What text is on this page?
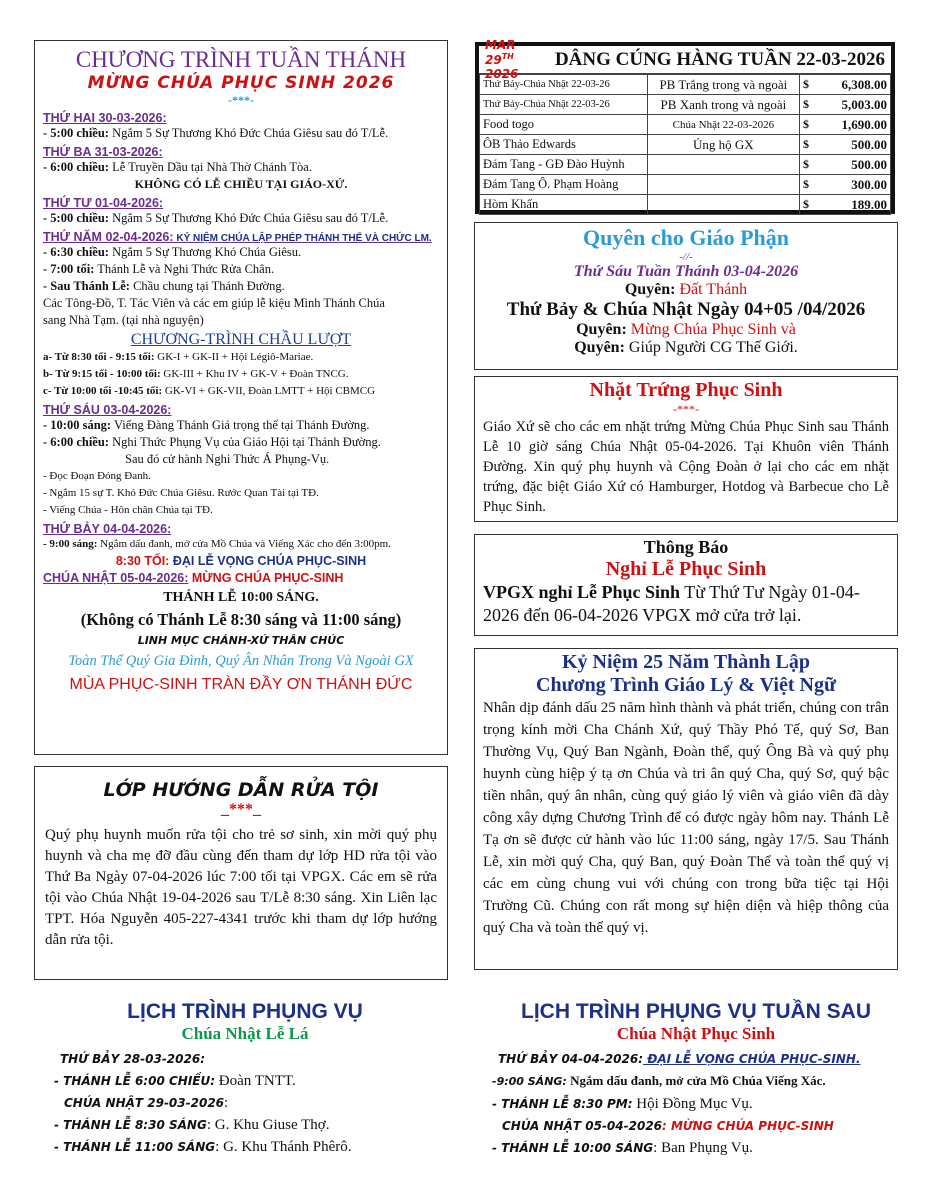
CHƯƠNG TRÌNH TUẦN THÁNH
MỪNG CHÚA PHỤC SINH 2026
-***-
THỨ HAI 30-03-2026:
- 5:00 chiều: Ngắm 5 Sự Thương Khó Đức Chúa Giêsu sau đó T/Lễ.
THỨ BA 31-03-2026:
- 6:00 chiều: Lễ Truyền Dầu tại Nhà Thờ Chánh Tòa.
KHÔNG CÓ LỄ CHIỀU TẠI GIÁO-XỨ.
THỨ TƯ 01-04-2026:
- 5:00 chiều: Ngắm 5 Sự Thương Khó Đức Chúa Giêsu sau đó T/Lễ.
THỨ NĂM 02-04-2026: KỶ NIỆM CHÚA LẬP PHÉP THÁNH THỂ VÀ CHỨC LM.
- 6:30 chiều: Ngắm 5 Sự Thương Khó Chúa Giêsu.
- 7:00 tối: Thánh Lễ và Nghi Thức Rửa Chân.
- Sau Thánh Lễ: Chầu chung tại Thánh Đường.
Các Tông-Đồ, T. Tác Viên và các em giúp lễ kiệu Mình Thánh Chúa
sang Nhà Tạm. (tại nhà nguyện)
CHƯƠNG-TRÌNH CHẦU LƯỢT
a- Từ 8:30 tối - 9:15 tối: GK-I + GK-II + Hội Légiô-Mariae.
b- Từ 9:15 tối - 10:00 tối: GK-III + Khu IV + GK-V + Đoàn TNCG.
c- Từ 10:00 tối -10:45 tối: GK-VI + GK-VII, Đoàn LMTT + Hội CBMCG
THỨ SÁU 03-04-2026:
- 10:00 sáng: Viếng Đàng Thánh Giá trọng thể tại Thánh Đường.
- 6:00 chiều: Nghi Thức Phụng Vụ của Giáo Hội tại Thánh Đường.
Sau đó cử hành Nghi Thức Á Phụng-Vụ.
- Đọc Đoạn Đóng Đanh.
- Ngắm 15 sự T. Khó Đức Chúa Giêsu. Rước Quan Tài tại TĐ.
- Viếng Chúa - Hôn chân Chúa tại TĐ.
THỨ BẢY 04-04-2026:
- 9:00 sáng: Ngắm dấu đanh, mở cửa Mồ Chúa và Viếng Xác cho đến 3:00pm.
8:30 TỐI: ĐẠI LỄ VỌNG CHÚA PHỤC-SINH
CHÚA NHẬT 05-04-2026: MỪNG CHÚA PHỤC-SINH
THÁNH LỄ 10:00 SÁNG.
(Không có Thánh Lễ 8:30 sáng và 11:00 sáng)
LINH MỤC CHÁNH-XỨ THÂN CHÚC
Toàn Thể Quý Gia Đình, Quý Ân Nhân Trong Và Ngoài GX
MÙA PHỤC-SINH TRÀN ĐẦY ƠN THÁNH ĐỨC
MAR 29TH 2026
DÂNG CÚNG HÀNG TUẦN 22-03-2026
Thứ Bảy-Chúa Nhật 22-03-26	PB Trắng trong và ngoài	$	6,308.00
Thứ Bảy-Chúa Nhật 22-03-26	PB Xanh trong và ngoài	$	5,003.00
Food togo	Chúa Nhật 22-03-2026	$	1,690.00
ÔB Thảo Edwards	Ủng hộ GX	$	500.00
Đám Tang - GĐ Đào Huỳnh		$	500.00
Đám Tang Ô. Phạm Hoàng		$	300.00
Hòm Khấn		$	189.00
Quyên cho Giáo Phận
-//-
Thứ Sáu Tuần Thánh 03-04-2026
Quyên: Đất Thánh
Thứ Bảy & Chúa Nhật Ngày 04+05 /04/2026
Quyên: Mừng Chúa Phục Sinh và
Quyên: Giúp Người CG Thế Giới.
Nhặt Trứng Phục Sinh
-***-
Giáo Xứ sẽ cho các em nhặt trứng Mừng Chúa Phục Sinh sau Thánh Lễ 10 giờ sáng Chúa Nhật 05-04-2026. Tại Khuôn viên Thánh Đường. Xin quý phụ huynh và Cộng Đoàn ở lại cho các em nhặt trứng, đặc biệt Giáo Xứ có Hamburger, Hotdog và Barbecue cho Lễ Phục Sinh.
Thông Báo
Nghỉ Lễ Phục Sinh
VPGX nghỉ Lễ Phục Sinh Từ Thứ Tư Ngày 01-04-2026 đến 06-04-2026 VPGX mở cửa trở lại.
Kỷ Niệm 25 Năm Thành Lập
Chương Trình Giáo Lý & Việt Ngữ
Nhân dịp đánh dấu 25 năm hình thành và phát triển, chúng con trân trọng kính mời Cha Chánh Xứ, quý Thầy Phó Tế, quý Sơ, Ban Thường Vụ, Quý Ban Ngành, Đoàn thể, quý Ông Bà và quý phụ huynh cùng hiệp ý tạ ơn Chúa và tri ân quý Cha, quý Sơ, quý bậc tiền nhân, quý ân nhân, cùng quý giáo lý viên và giáo viên đã dày công xây dựng Chương Trình để có được ngày hôm nay. Thánh Lễ Tạ ơn sẽ được cử hành vào lúc 11:00 sáng, ngày 17/5. Sau Thánh Lễ, xin mời quý Cha, quý Ban, quý Đoàn Thể và toàn thể quý vị các em cùng chung vui với chúng con trong bữa tiệc tại Hội Trường Cũ. Chúng con rất mong sự hiện diện và hiệp thông của quý Cha và toàn thể quý vị.
LỚP HƯỚNG DẪN RỬA TỘI
_***_
Quý phụ huynh muốn rửa tội cho trẻ sơ sinh, xin mời quý phụ huynh và cha mẹ đỡ đầu cùng đến tham dự lớp HD rửa tội vào Thứ Ba Ngày 07-04-2026 lúc 7:00 tối tại VPGX. Các em sẽ rửa tội vào Chúa Nhật 19-04-2026 sau T/Lễ 8:30 sáng. Xin Liên lạc TPT. Hóa Nguyễn 405-227-4341 trước khi tham dự lớp hướng dẫn rửa tội.
LỊCH TRÌNH PHỤNG VỤ
Chúa Nhật Lễ Lá
THỨ BẢY 28-03-2026:
- THÁNH LỄ 6:00 CHIỀU: Đoàn TNTT.
CHÚA NHẬT 29-03-2026:
- THÁNH LỄ 8:30 SÁNG: G. Khu Giuse Thợ.
- THÁNH LỄ 11:00 SÁNG: G. Khu Thánh Phêrô.
LỊCH TRÌNH PHỤNG VỤ TUẦN SAU
Chúa Nhật Phục Sinh
THỨ BẢY 04-04-2026: ĐẠI LỄ VỌNG CHÚA PHỤC-SINH.
-9:00 SÁNG: Ngắm dấu đanh, mở cửa Mồ Chúa Viếng Xác.
- THÁNH LỄ 8:30 PM: Hội Đồng Mục Vụ.
CHÚA NHẬT 05-04-2026: MỪNG CHÚA PHỤC-SINH
- THÁNH LỄ 10:00 SÁNG: Ban Phụng Vụ.
